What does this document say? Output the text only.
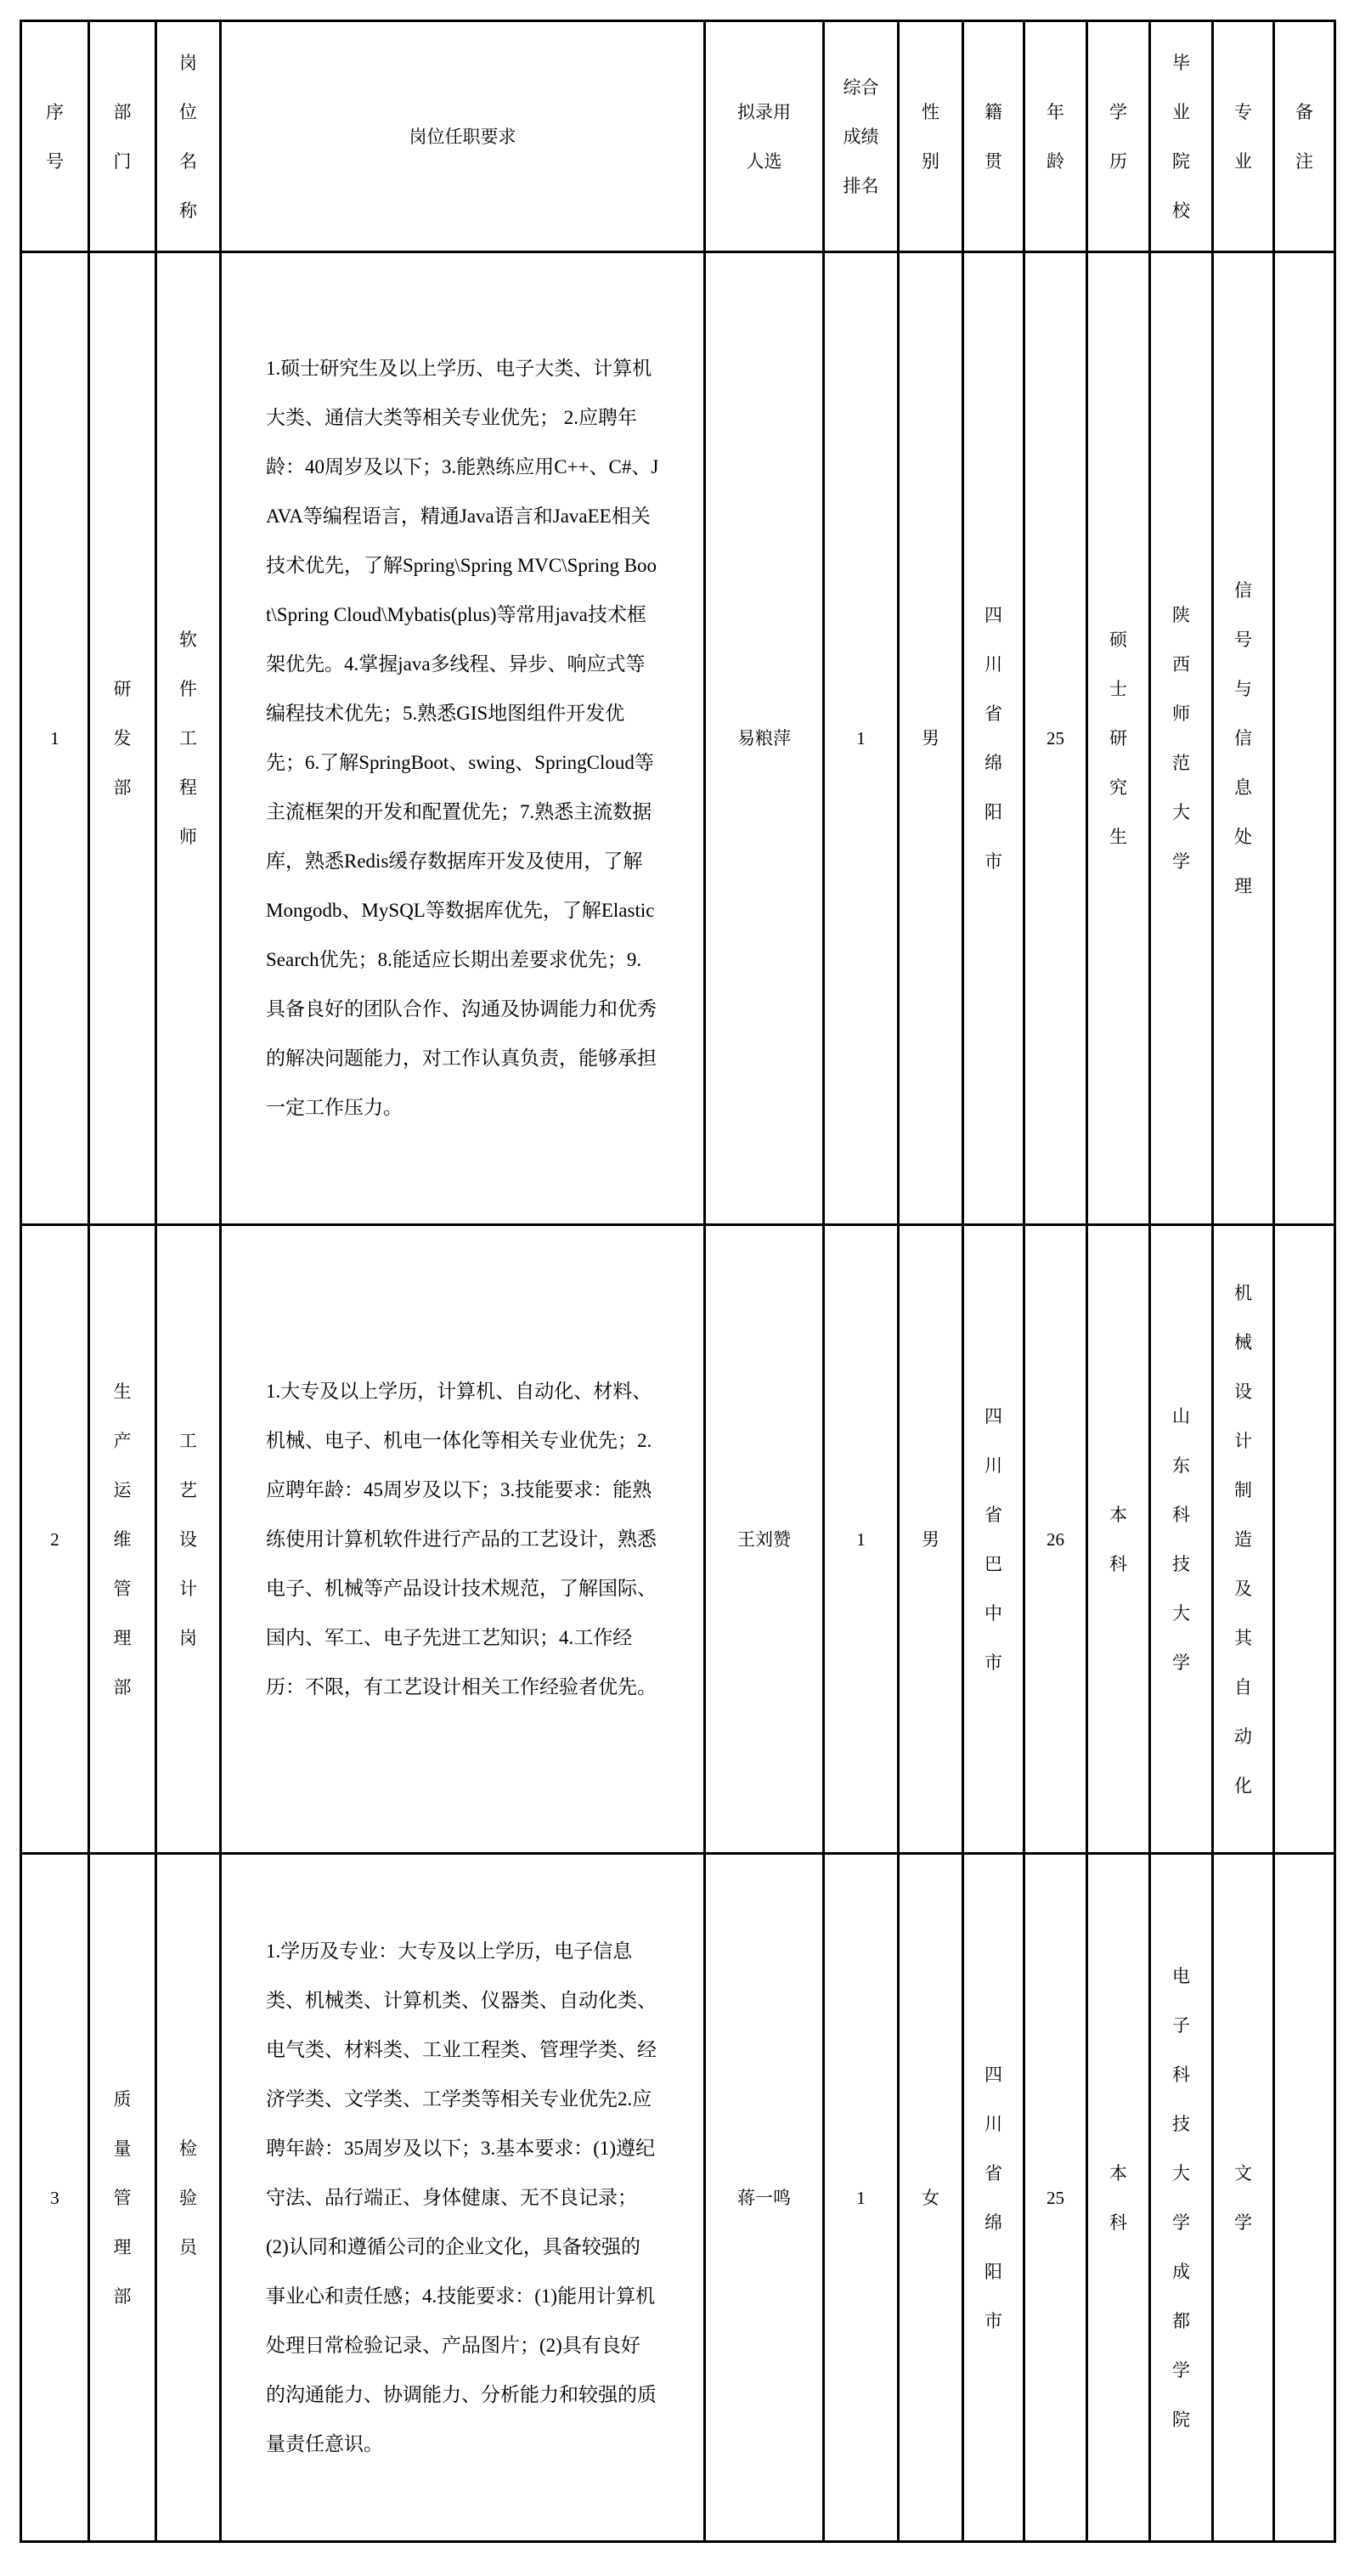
序号	部门	岗位名称	岗位任职要求	拟录用人选	综合成绩排名	性别	籍贯	年龄	学历	毕业院校	专业	备注

1	研发部	软件工程师	1.硕士研究生及以上学历、电子大类、计算机大类、通信大类等相关专业优先； 2.应聘年龄：40周岁及以下；3.能熟练应用C++、C#、JAVA等编程语言，精通Java语言和JavaEE相关技术优先，了解Spring\Spring MVC\Spring Boot\Spring Cloud\Mybatis(plus)等常用java技术框架优先。4.掌握java多线程、异步、响应式等编程技术优先；5.熟悉GIS地图组件开发优先；6.了解SpringBoot、swing、SpringCloud等主流框架的开发和配置优先；7.熟悉主流数据库，熟悉Redis缓存数据库开发及使用，了解Mongodb、MySQL等数据库优先，了解Elastic Search优先；8.能适应长期出差要求优先；9.具备良好的团队合作、沟通及协调能力和优秀的解决问题能力，对工作认真负责，能够承担一定工作压力。	易粮萍	1	男	四川省绵阳市	25	硕士研究生	陕西师范大学	信号与信息处理	

2	生产运维管理部	工艺设计岗	1.大专及以上学历，计算机、自动化、材料、机械、电子、机电一体化等相关专业优先；2.应聘年龄：45周岁及以下；3.技能要求：能熟练使用计算机软件进行产品的工艺设计，熟悉电子、机械等产品设计技术规范，了解国际、国内、军工、电子先进工艺知识；4.工作经历：不限，有工艺设计相关工作经验者优先。	王刘赞	1	男	四川省巴中市	26	本科	山东科技大学	机械设计制造及其自动化	

3	质量管理部	检验员	1.学历及专业：大专及以上学历，电子信息类、机械类、计算机类、仪器类、自动化类、电气类、材料类、工业工程类、管理学类、经济学类、文学类、工学类等相关专业优先2.应聘年龄：35周岁及以下；3.基本要求：(1)遵纪守法、品行端正、身体健康、无不良记录；(2)认同和遵循公司的企业文化，具备较强的事业心和责任感；4.技能要求：(1)能用计算机处理日常检验记录、产品图片；(2)具有良好的沟通能力、协调能力、分析能力和较强的质量责任意识。	蒋一鸣	1	女	四川省绵阳市	25	本科	电子科技大学成都学院	文学	
